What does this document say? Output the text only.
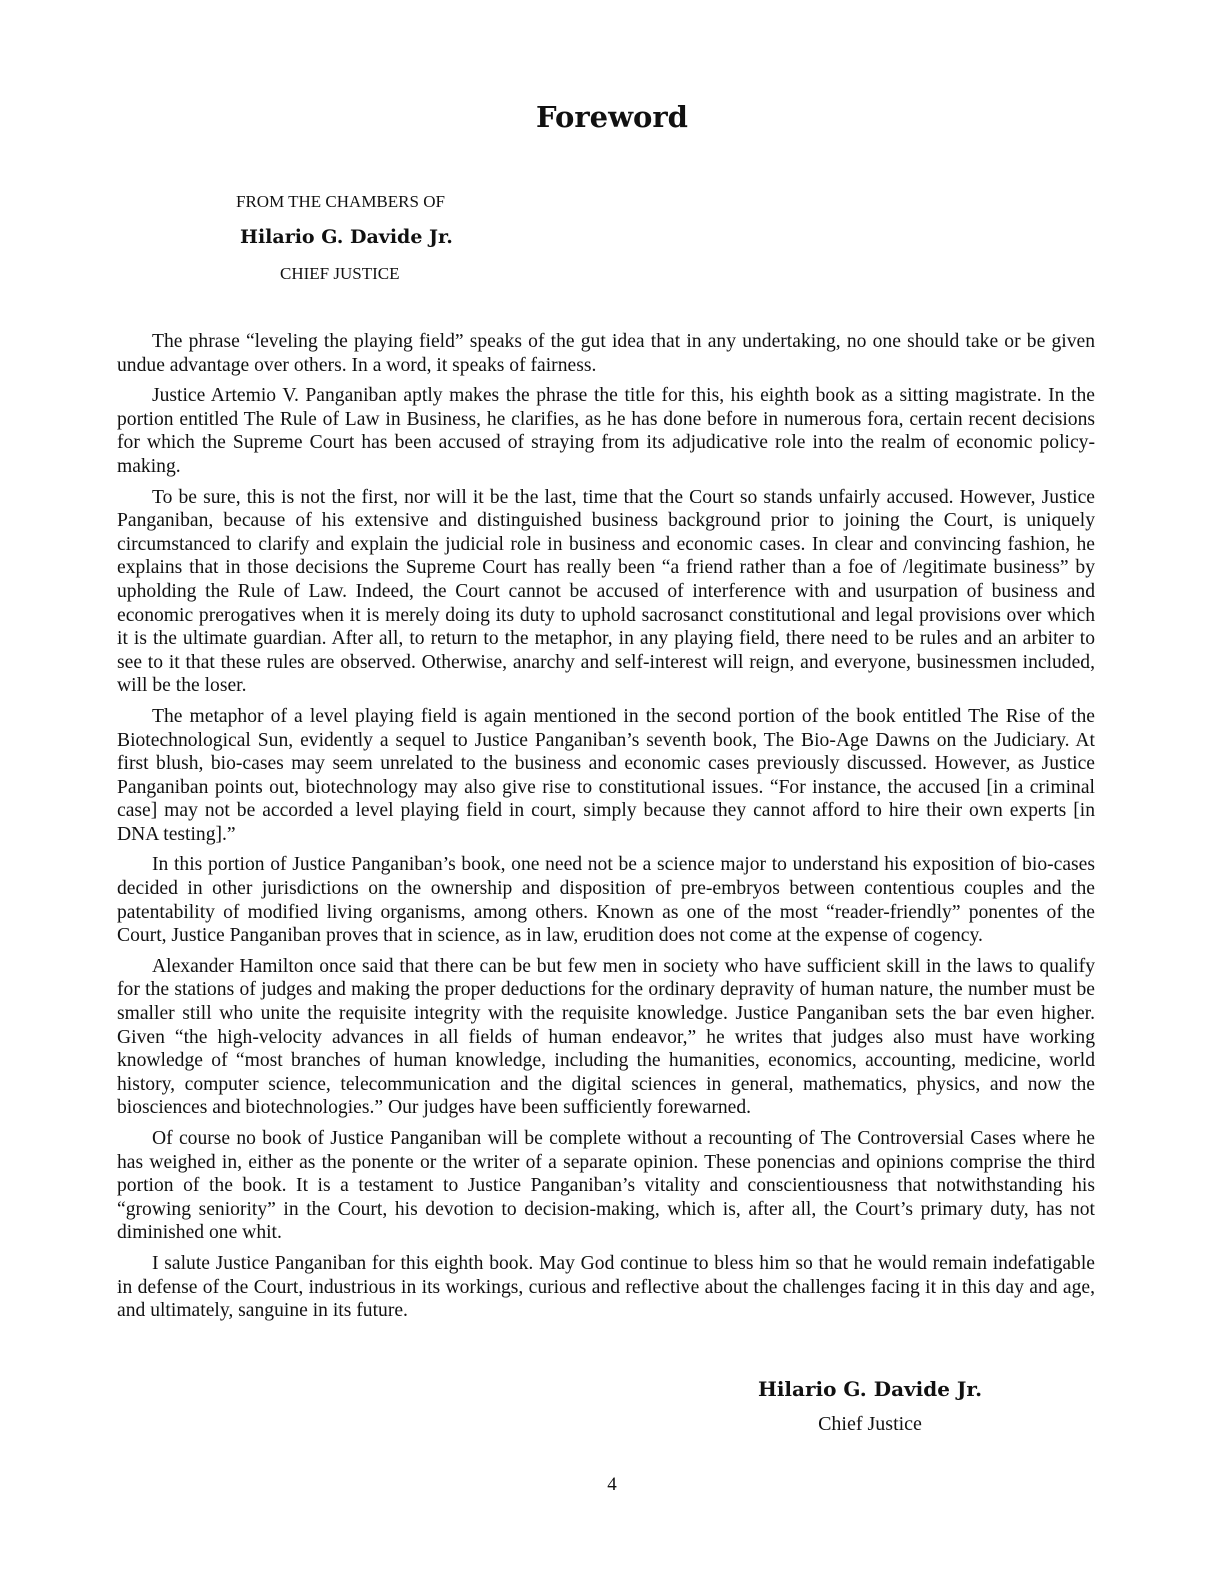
Foreword

FROM THE CHAMBERS OF

Hilario G. Davide Jr.

CHIEF JUSTICE

The phrase “leveling the playing field” speaks of the gut idea that in any undertaking, no one should take or be given undue advantage over others. In a word, it speaks of fairness.

Justice Artemio V. Panganiban aptly makes the phrase the title for this, his eighth book as a sitting magistrate. In the portion entitled The Rule of Law in Business, he clarifies, as he has done before in numerous fora, certain recent decisions for which the Supreme Court has been accused of straying from its adjudicative role into the realm of economic policy-making.

To be sure, this is not the first, nor will it be the last, time that the Court so stands unfairly accused. However, Justice Panganiban, because of his extensive and distinguished business background prior to joining the Court, is uniquely circumstanced to clarify and explain the judicial role in business and economic cases. In clear and convincing fashion, he explains that in those decisions the Supreme Court has really been “a friend rather than a foe of /legitimate business” by upholding the Rule of Law. Indeed, the Court cannot be accused of interference with and usurpation of business and economic prerogatives when it is merely doing its duty to uphold sacrosanct constitutional and legal provisions over which it is the ultimate guardian. After all, to return to the metaphor, in any playing field, there need to be rules and an arbiter to see to it that these rules are observed. Otherwise, anarchy and self-interest will reign, and everyone, businessmen included, will be the loser.

The metaphor of a level playing field is again mentioned in the second portion of the book entitled The Rise of the Biotechnological Sun, evidently a sequel to Justice Panganiban’s seventh book, The Bio-Age Dawns on the Judiciary. At first blush, bio-cases may seem unrelated to the business and economic cases previously discussed. However, as Justice Panganiban points out, biotechnology may also give rise to constitutional issues. “For instance, the accused [in a criminal case] may not be accorded a level playing field in court, simply because they cannot afford to hire their own experts [in DNA testing].”

In this portion of Justice Panganiban’s book, one need not be a science major to understand his exposition of bio-cases decided in other jurisdictions on the ownership and disposition of pre-embryos between contentious couples and the patentability of modified living organisms, among others. Known as one of the most “reader-friendly” ponentes of the Court, Justice Panganiban proves that in science, as in law, erudition does not come at the expense of cogency.

Alexander Hamilton once said that there can be but few men in society who have sufficient skill in the laws to qualify for the stations of judges and making the proper deductions for the ordinary depravity of human nature, the number must be smaller still who unite the requisite integrity with the requisite knowledge. Justice Panganiban sets the bar even higher. Given “the high-velocity advances in all fields of human endeavor,” he writes that judges also must have working knowledge of “most branches of human knowledge, including the humanities, economics, accounting, medicine, world history, computer science, telecommunication and the digital sciences in general, mathematics, physics, and now the biosciences and biotechnologies.” Our judges have been sufficiently forewarned.

Of course no book of Justice Panganiban will be complete without a recounting of The Controversial Cases where he has weighed in, either as the ponente or the writer of a separate opinion. These ponencias and opinions comprise the third portion of the book. It is a testament to Justice Panganiban’s vitality and conscientiousness that notwithstanding his “growing seniority” in the Court, his devotion to decision-making, which is, after all, the Court’s primary duty, has not diminished one whit.

I salute Justice Panganiban for this eighth book. May God continue to bless him so that he would remain indefatigable in defense of the Court, industrious in its workings, curious and reflective about the challenges facing it in this day and age, and ultimately, sanguine in its future.

Hilario G. Davide Jr.

Chief Justice

4
